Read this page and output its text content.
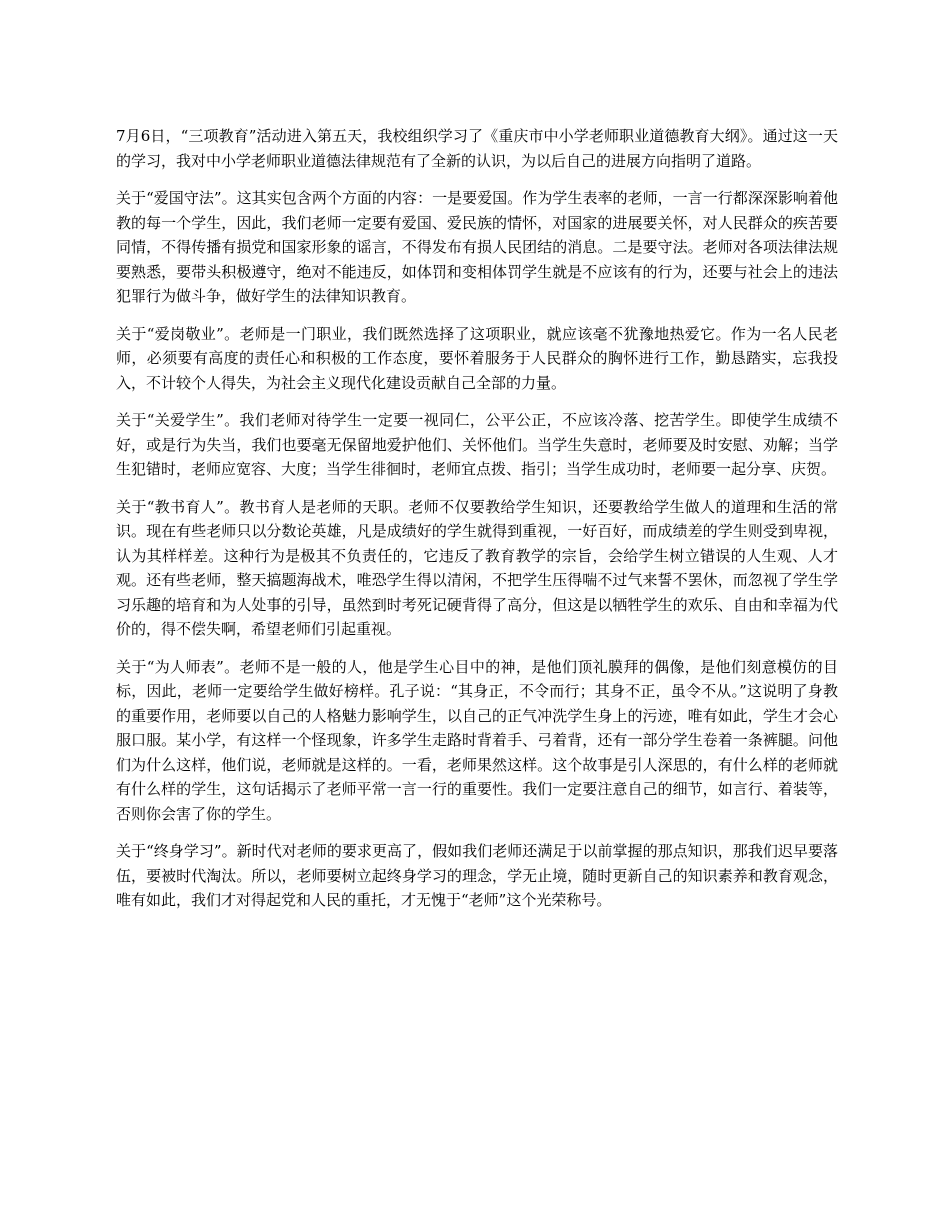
7月6日，“三项教育”活动进入第五天，我校组织学习了《重庆市中小学老师职业道德教育大纲》。通过这一天的学习，我对中小学老师职业道德法律规范有了全新的认识，为以后自己的进展方向指明了道路。

关于“爱国守法”。这其实包含两个方面的内容：一是要爱国。作为学生表率的老师，一言一行都深深影响着他教的每一个学生，因此，我们老师一定要有爱国、爱民族的情怀，对国家的进展要关怀，对人民群众的疾苦要同情，不得传播有损党和国家形象的谣言，不得发布有损人民团结的消息。二是要守法。老师对各项法律法规要熟悉，要带头积极遵守，绝对不能违反，如体罚和变相体罚学生就是不应该有的行为，还要与社会上的违法犯罪行为做斗争，做好学生的法律知识教育。

关于“爱岗敬业”。老师是一门职业，我们既然选择了这项职业，就应该毫不犹豫地热爱它。作为一名人民老师，必须要有高度的责任心和积极的工作态度，要怀着服务于人民群众的胸怀进行工作，勤恳踏实，忘我投入，不计较个人得失，为社会主义现代化建设贡献自己全部的力量。

关于“关爱学生”。我们老师对待学生一定要一视同仁，公平公正，不应该冷落、挖苦学生。即使学生成绩不好，或是行为失当，我们也要毫无保留地爱护他们、关怀他们。当学生失意时，老师要及时安慰、劝解；当学生犯错时，老师应宽容、大度；当学生徘徊时，老师宜点拨、指引；当学生成功时，老师要一起分享、庆贺。

关于“教书育人”。教书育人是老师的天职。老师不仅要教给学生知识，还要教给学生做人的道理和生活的常识。现在有些老师只以分数论英雄，凡是成绩好的学生就得到重视，一好百好，而成绩差的学生则受到卑视，认为其样样差。这种行为是极其不负责任的，它违反了教育教学的宗旨，会给学生树立错误的人生观、人才观。还有些老师，整天搞题海战术，唯恐学生得以清闲，不把学生压得喘不过气来誓不罢休，而忽视了学生学习乐趣的培育和为人处事的引导，虽然到时考死记硬背得了高分，但这是以牺牲学生的欢乐、自由和幸福为代价的，得不偿失啊，希望老师们引起重视。

关于“为人师表”。老师不是一般的人，他是学生心目中的神，是他们顶礼膜拜的偶像，是他们刻意模仿的目标，因此，老师一定要给学生做好榜样。孔子说：“其身正，不令而行；其身不正，虽令不从。”这说明了身教的重要作用，老师要以自己的人格魅力影响学生，以自己的正气冲洗学生身上的污迹，唯有如此，学生才会心服口服。某小学，有这样一个怪现象，许多学生走路时背着手、弓着背，还有一部分学生卷着一条裤腿。问他们为什么这样，他们说，老师就是这样的。一看，老师果然这样。这个故事是引人深思的，有什么样的老师就有什么样的学生，这句话揭示了老师平常一言一行的重要性。我们一定要注意自己的细节，如言行、着装等，否则你会害了你的学生。

关于“终身学习”。新时代对老师的要求更高了，假如我们老师还满足于以前掌握的那点知识，那我们迟早要落伍，要被时代淘汰。所以，老师要树立起终身学习的理念，学无止境，随时更新自己的知识素养和教育观念，唯有如此，我们才对得起党和人民的重托，才无愧于“老师”这个光荣称号。
